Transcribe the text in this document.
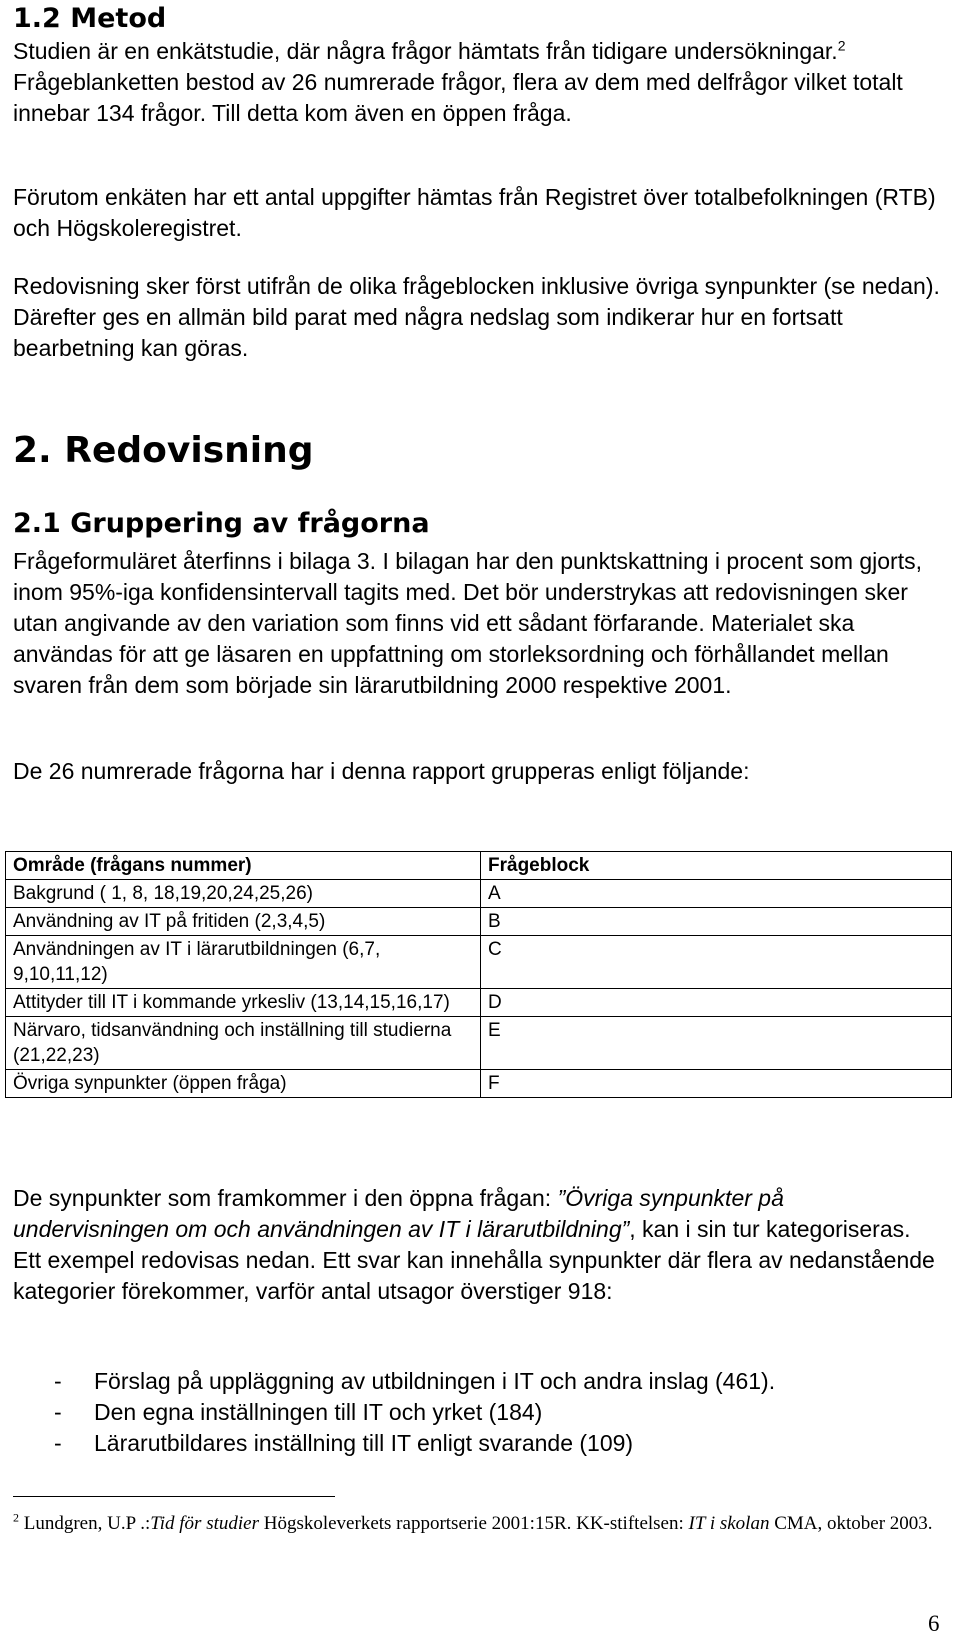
1.2 Metod

Studien är en enkätstudie, där några frågor hämtats från tidigare undersökningar.$^2$ Frågeblanketten bestod av 26 numrerade frågor, flera av dem med delfrågor vilket totalt innebar 134 frågor. Till detta kom även en öppen fråga.

Förutom enkäten har ett antal uppgifter hämtas från Registret över totalbefolkningen (RTB) och Högskoleregistret.

Redovisning sker först utifrån de olika frågeblocken inklusive övriga synpunkter (se nedan). Därefter ges en allmän bild parat med några nedslag som indikerar hur en fortsatt bearbetning kan göras.

2. Redovisning
2.1 Gruppering av frågorna

Frågeformuläret återfinns i bilaga 3. I bilagan har den punktskattning i procent som gjorts, inom 95%-iga konfidensintervall tagits med. Det bör understrykas att redovisningen sker utan angivande av den variation som finns vid ett sådant förfarande. Materialet ska användas för att ge läsaren en uppfattning om storleksordning och förhållandet mellan svaren från dem som började sin lärarutbildning 2000 respektive 2001.

De 26 numrerade frågorna har i denna rapport grupperas enligt följande:

Område (frågans nummer)	Frågeblock
Bakgrund ( 1, 8, 18,19,20,24,25,26)	A
Användning av IT på fritiden (2,3,4,5)	B
Användningen av IT i lärarutbildningen (6,7, 9,10,11,12)	C
Attityder till IT i kommande yrkesliv (13,14,15,16,17)	D
Närvaro, tidsanvändning och inställning till studierna (21,22,23)	E
Övriga synpunkter (öppen fråga)	F

De synpunkter som framkommer i den öppna frågan: ”Övriga synpunkter på undervisningen om och användningen av IT i lärarutbildning”, kan i sin tur kategoriseras. Ett exempel redovisas nedan. Ett svar kan innehålla synpunkter där flera av nedanstående kategorier förekommer, varför antal utsagor överstiger 918:

- Förslag på uppläggning av utbildningen i IT och andra inslag (461).
- Den egna inställningen till IT och yrket (184)
- Lärarutbildares inställning till IT enligt svarande (109)

$^2$ Lundgren, U.P .:Tid för studier Högskoleverkets rapportserie 2001:15R. KK-stiftelsen: IT i skolan CMA, oktober 2003.

6
